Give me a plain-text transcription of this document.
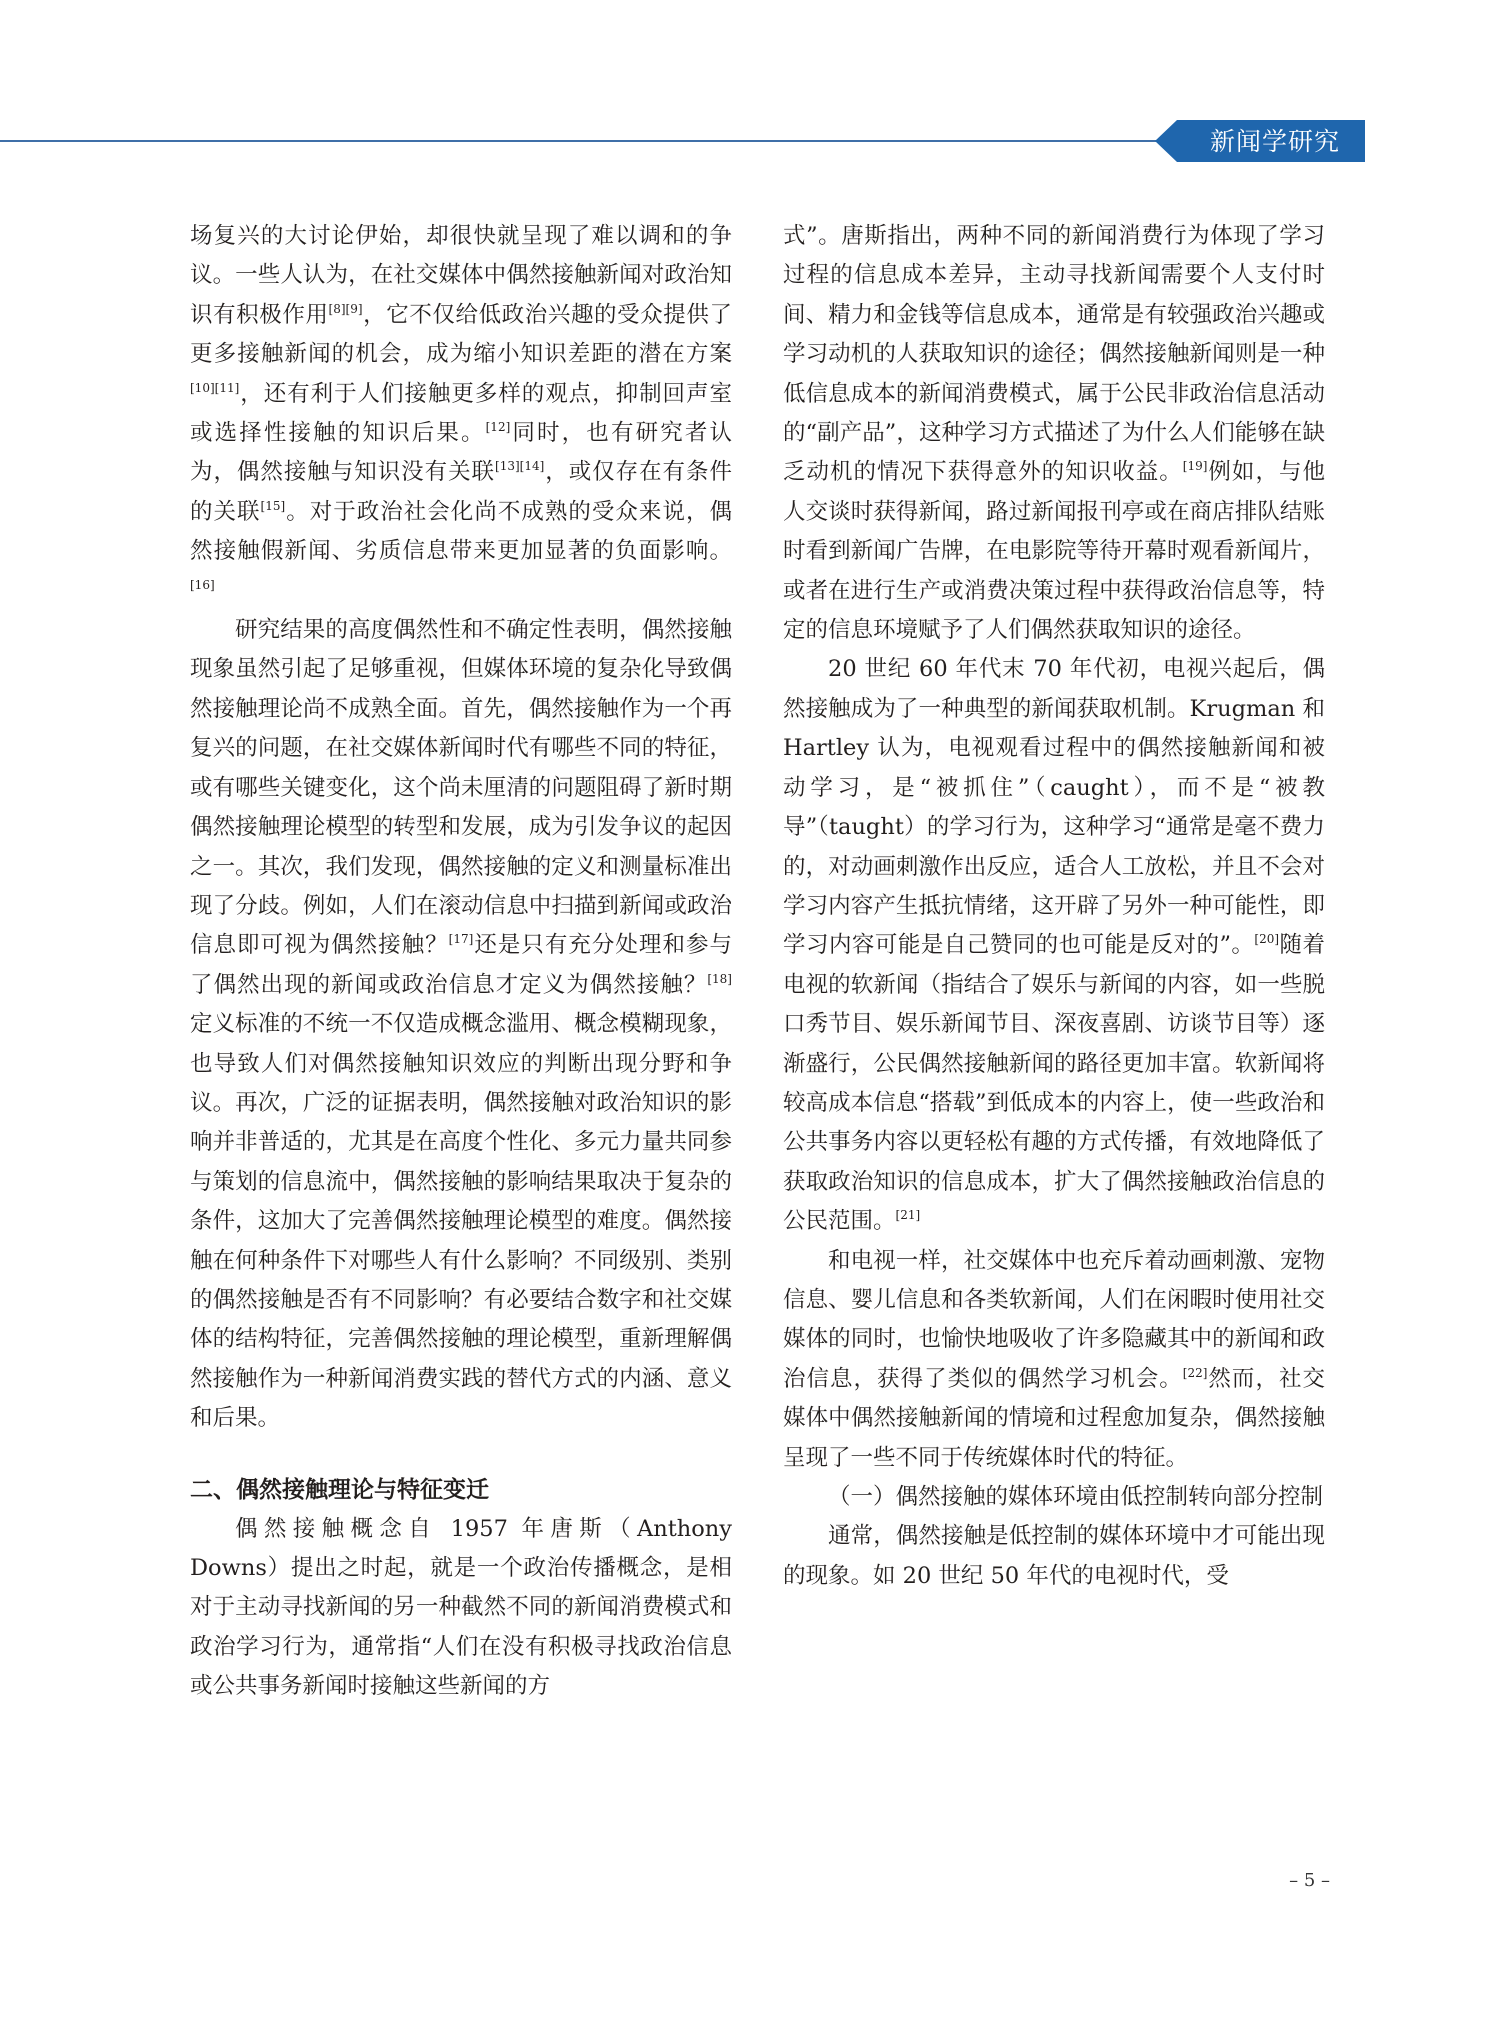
新闻学研究

场复兴的大讨论伊始，却很快就呈现了难以调和的争议。一些人认为，在社交媒体中偶然接触新闻对政治知识有积极作用[8][9]，它不仅给低政治兴趣的受众提供了更多接触新闻的机会，成为缩小知识差距的潜在方案[10][11]，还有利于人们接触更多样的观点，抑制回声室或选择性接触的知识后果。[12]同时，也有研究者认为，偶然接触与知识没有关联[13][14]，或仅存在有条件的关联[15]。对于政治社会化尚不成熟的受众来说，偶然接触假新闻、劣质信息带来更加显著的负面影响。[16]

研究结果的高度偶然性和不确定性表明，偶然接触现象虽然引起了足够重视，但媒体环境的复杂化导致偶然接触理论尚不成熟全面。首先，偶然接触作为一个再复兴的问题，在社交媒体新闻时代有哪些不同的特征，或有哪些关键变化，这个尚未厘清的问题阻碍了新时期偶然接触理论模型的转型和发展，成为引发争议的起因之一。其次，我们发现，偶然接触的定义和测量标准出现了分歧。例如，人们在滚动信息中扫描到新闻或政治信息即可视为偶然接触？[17]还是只有充分处理和参与了偶然出现的新闻或政治信息才定义为偶然接触？[18]定义标准的不统一不仅造成概念滥用、概念模糊现象，也导致人们对偶然接触知识效应的判断出现分野和争议。再次，广泛的证据表明，偶然接触对政治知识的影响并非普适的，尤其是在高度个性化、多元力量共同参与策划的信息流中，偶然接触的影响结果取决于复杂的条件，这加大了完善偶然接触理论模型的难度。偶然接触在何种条件下对哪些人有什么影响？不同级别、类别的偶然接触是否有不同影响？有必要结合数字和社交媒体的结构特征，完善偶然接触的理论模型，重新理解偶然接触作为一种新闻消费实践的替代方式的内涵、意义和后果。

二、偶然接触理论与特征变迁

偶然接触概念自 1957 年唐斯（Anthony Downs）提出之时起，就是一个政治传播概念，是相对于主动寻找新闻的另一种截然不同的新闻消费模式和政治学习行为，通常指“人们在没有积极寻找政治信息或公共事务新闻时接触这些新闻的方

式”。唐斯指出，两种不同的新闻消费行为体现了学习过程的信息成本差异，主动寻找新闻需要个人支付时间、精力和金钱等信息成本，通常是有较强政治兴趣或学习动机的人获取知识的途径；偶然接触新闻则是一种低信息成本的新闻消费模式，属于公民非政治信息活动的“副产品”，这种学习方式描述了为什么人们能够在缺乏动机的情况下获得意外的知识收益。[19]例如，与他人交谈时获得新闻，路过新闻报刊亭或在商店排队结账时看到新闻广告牌，在电影院等待开幕时观看新闻片，或者在进行生产或消费决策过程中获得政治信息等，特定的信息环境赋予了人们偶然获取知识的途径。

20 世纪 60 年代末 70 年代初，电视兴起后，偶然接触成为了一种典型的新闻获取机制。Krugman 和 Hartley 认为，电视观看过程中的偶然接触新闻和被动学习，是“被抓住”（caught），而不是“被教导”（taught）的学习行为，这种学习“通常是毫不费力的，对动画刺激作出反应，适合人工放松，并且不会对学习内容产生抵抗情绪，这开辟了另外一种可能性，即学习内容可能是自己赞同的也可能是反对的”。[20]随着电视的软新闻（指结合了娱乐与新闻的内容，如一些脱口秀节目、娱乐新闻节目、深夜喜剧、访谈节目等）逐渐盛行，公民偶然接触新闻的路径更加丰富。软新闻将较高成本信息“搭载”到低成本的内容上，使一些政治和公共事务内容以更轻松有趣的方式传播，有效地降低了获取政治知识的信息成本，扩大了偶然接触政治信息的公民范围。[21]

和电视一样，社交媒体中也充斥着动画刺激、宠物信息、婴儿信息和各类软新闻，人们在闲暇时使用社交媒体的同时，也愉快地吸收了许多隐藏其中的新闻和政治信息，获得了类似的偶然学习机会。[22]然而，社交媒体中偶然接触新闻的情境和过程愈加复杂，偶然接触呈现了一些不同于传统媒体时代的特征。

（一）偶然接触的媒体环境由低控制转向部分控制

通常，偶然接触是低控制的媒体环境中才可能出现的现象。如 20 世纪 50 年代的电视时代，受

– 5 –
